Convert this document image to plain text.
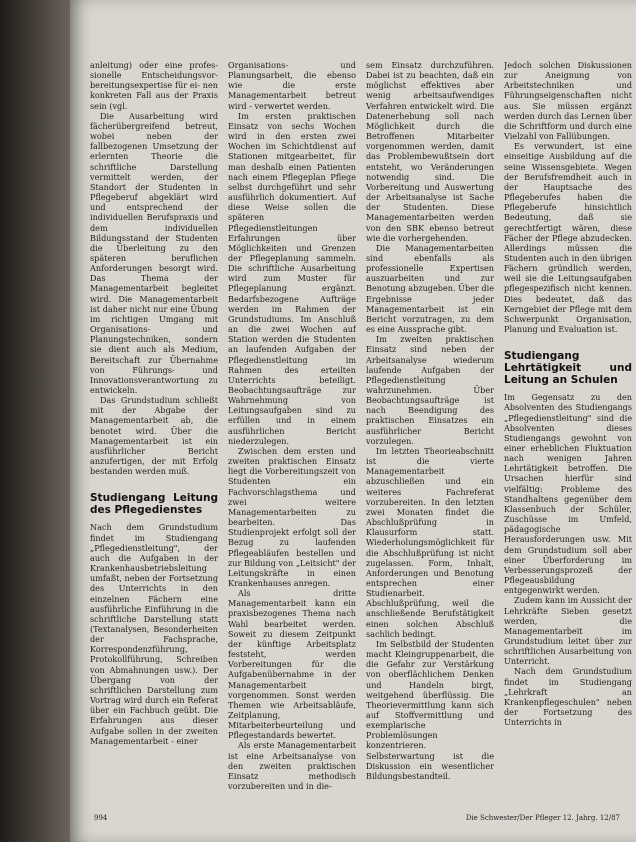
anleitung) oder eine profes- sionelle Entscheidungsvor- bereitungsexpertise für ei- nen konkreten Fall aus der Praxis sein (vgl.

Die Ausarbeitung wird fächerübergreifend betreut, wobei neben der fallbezogenen Umsetzung der erlernten Theorie die schriftliche Darstellung vermittelt werden, der Standort der Studenten in Pflegeberuf abgeklärt wird und entsprechend der individuellen Berufspraxis und dem individuellen Bildungsstand der Studenten die Überleitung zu den späteren beruflichen Anforderungen besorgt wird. Das Thema der Managementarbeit begleitet wird. Die Managementarbeit ist daher nicht nur eine Übung im richtigen Umgang mit Organisations- und Planungstechniken, sondern sie dient auch als Medium, Bereitschaft zur Übernahme von Führungs- und Innovationsverantwortung zu entwickeln.

Das Grundstudium schließt mit der Abgabe der Managementarbeit ab, die benotet wird. Über die Managementarbeit ist ein ausführlicher Bericht anzufertigen, der mit Erfolg bestanden werden muß.

Studiengang Leitung des Pflegedienstes

Nach dem Grundstudium findet im Studiengang „Pflegedienstleitung", der auch die Aufgaben in der Krankenhausbetriebsleitung umfaßt, neben der Fortsetzung des Unterrichts in den einzelnen Fächern eine ausführliche Einführung in die schriftliche Darstellung statt (Textanalysen, Besonderheiten der Fachsprache, Korrespondenzführung, Protokollführung, Schreiben von Abmahnungen usw.). Der Übergang von der schriftlichen Darstellung zum Vortrag wird durch ein Referat über ein Fachbuch geübt. Die Erfahrungen aus dieser Aufgabe sollen in der zweiten Managementarbeit - einer

Organisations- und Planungsarbeit, die ebenso wie die erste Managementarbeit betreut wird - verwertet werden.

Im ersten praktischen Einsatz von sechs Wochen wird in den ersten zwei Wochen im Schichtdienst auf Stationen mitgearbeitet, für man deshalb einen Patienten nach einem Pflegeplan Pflege selbst durchgeführt und sehr ausführlich dokumentiert. Auf diese Weise sollen die späteren Pflegedienstleitungen Erfahrungen über Möglichkeiten und Grenzen der Pflegeplanung sammeln. Die schriftliche Ausarbeitung wird zum Muster für Pflegeplanung ergänzt. Bedarfsbezogene Aufträge werden im Rahmen der Grundstudiums. Im Anschluß an die zwei Wochen auf Station werden die Studenten an laufenden Aufgaben der Pflegedienstleitung im Rahmen des erteilten Unterrichts beteiligt. Beobachtungsaufträge zur Wahrnehmung von Leitungsaufgaben sind zu erfüllen und in einem ausführlichen Bericht niederzulegen.

Zwischen dem ersten und zweiten praktischen Einsatz liegt die Vorbereitungszeit von Studenten ein Fachvorschlagsthema und zwei weitere Managementarbeiten zu bearbeiten. Das Studienprojekt erfolgt soll der Bezug zu laufenden Pflegeabläufen bestellen und zur Bildung von „Leitsicht" der Leitungskräfte in einen Krankenhauses anregen.

Als dritte Managementarbeit kann ein praxisbezogenes Thema nach Wahl bearbeitet werden. Soweit zu diesem Zeitpunkt der künftige Arbeitsplatz feststeht, werden Vorbereitungen für die Aufgabenübernahme in der Managementarbeit vorgenommen. Sonst werden Themen wie Arbeitsabläufe, Zeitplanung, Mitarbeiterbeurteilung und Pflegestandards bewertet.

Als erste Managementarbeit ist eine Arbeitsanalyse von den zweiten praktischen Einsatz methodisch vorzubereiten und in die-

sem Einsatz durchzuführen. Dabei ist zu beachten, daß ein möglichst effektives aber wenig arbeitsaufwendiges Verfahren entwickelt wird. Die Datenerhebung soll nach Möglichkeit durch die Betroffenen Mitarbeiter vorgenommen werden, damit das Problembewußtsein dort entsteht, wo Veränderungen notwendig sind. Die Vorbereitung und Auswertung der Arbeitsanalyse ist Sache der Studenten. Diese Managementarbeiten werden von den SBK ebenso betreut wie die vorhergehenden.

Die Managementarbeiten sind ebenfalls als professionelle Expertisen auszuarbeiten und zur Benotung abzugeben. Über die Ergebnisse jeder Managementarbeit ist ein Bericht vorzutragen, zu dem es eine Aussprache gibt.

Im zweiten praktischen Einsatz sind neben der Arbeitsanalyse wiederum laufende Aufgaben der Pflegedienstleitung wahrzunehmen. Über Beobachtungsaufträge ist nach Beendigung des praktischen Einsatzes ein ausführlicher Bericht vorzulegen.

Im letzten Theorieabschnitt ist die vierte Managementarbeit abzuschließen und ein weiteres Fachreferat vorzubereiten. In den letzten zwei Monaten findet die Abschlußprüfung in Klausurform statt. Wiederholungsmöglichkeit für die Abschlußprüfung ist nicht zugelassen. Form, Inhalt, Anforderungen und Benotung entsprechen einer Studienarbeit. Abschlußprüfung, weil die anschließende Berufstätigkeit einen solchen Abschluß sachlich bedingt.

Im Selbstbild der Studenten macht Kleingruppenarbeit, die die Gefahr zur Verstärkung von oberflächlichem Denken und Handeln birgt, weitgehend überflüssig. Die Theorievermittlung kann sich auf Stoffvermittlung und exemplarische Problemlösungen konzentrieren. Selbsterwartung ist die Diskussion ein wesentlicher Bildungsbestandteil.

Jedoch solchen Diskussionen zur Aneignung von Arbeitstechniken und Führungseigenschaften nicht aus. Sie müssen ergänzt werden durch das Lernen über die Schriftform und durch eine Vielzahl von Fallübungen.

Es verwundert, ist eine einseitige Ausbildung auf die seine Wissensgebiete. Wegen der Berufsfremdheit auch in der Hauptsache des Pflegeberufes haben die Pflegeberufe hinsichtlich Bedeutung, daß sie gerechtfertigt wären, diese Fächer der Pflege abzudecken. Allerdings müssen die Studenten auch in den übrigen Fächern gründlich werden, weil sie die Leitungsaufgaben pflegespezifisch nicht kennen. Dies bedeutet, daß das Kerngebiet der Pflege mit dem Schwerpunkt Organisation, Planung und Evaluation ist.

Studiengang Lehrtätigkeit und Leitung an Schulen

Im Gegensatz zu den Absolventen des Studiengangs „Pflegedienstleitung" sind die Absolventen dieses Studiengangs gewohnt von einer erheblichen Fluktuation nach wenigen Jahren Lehrtätigkeit betroffen. Die Ursachen hierfür sind vielfältig: Probleme des Standhaltens gegenüber dem Klassenbuch der Schüler, Zuschüsse im Umfeld, pädagogische Herausforderungen usw. Mit dem Grundstudium soll aber einer Überforderung im Verbesserungsprozeß der Pflegeausbildung entgegenwirkt werden.

Zudem kann im Aussicht der Lehrkräfte Sieben gesetzt werden, die Managementarbeit im Grundstudium leitet über zur schriftlichen Ausarbeitung von Unterricht.

Nach dem Grundstudium findet im Studiengang „Lehrkraft an Krankenpflegeschulen" neben der Fortsetzung des Unterrichts in

994	Die Schwester/Der Pfleger 12. Jahrg. 12/87
